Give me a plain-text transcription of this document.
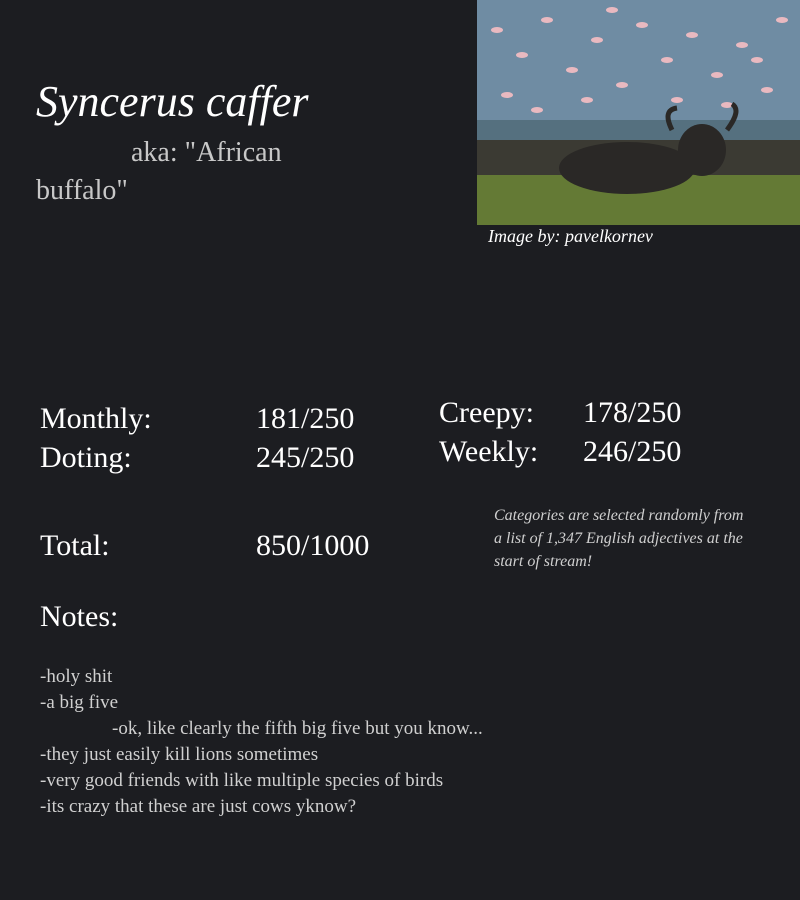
Syncerus caffer
aka: "African buffalo"
Image by: pavelkornev
Monthly:	181/250
Doting:	245/250
Creepy: 178/250
Weekly: 246/250
Total:	850/1000
Categories are selected randomly from a list of 1,347 English adjectives at the start of stream!
Notes:
-holy shit
-a big five
-ok, like clearly the fifth big five but you know...
-they just easily kill lions sometimes
-very good friends with like multiple species of birds
-its crazy that these are just cows yknow?
